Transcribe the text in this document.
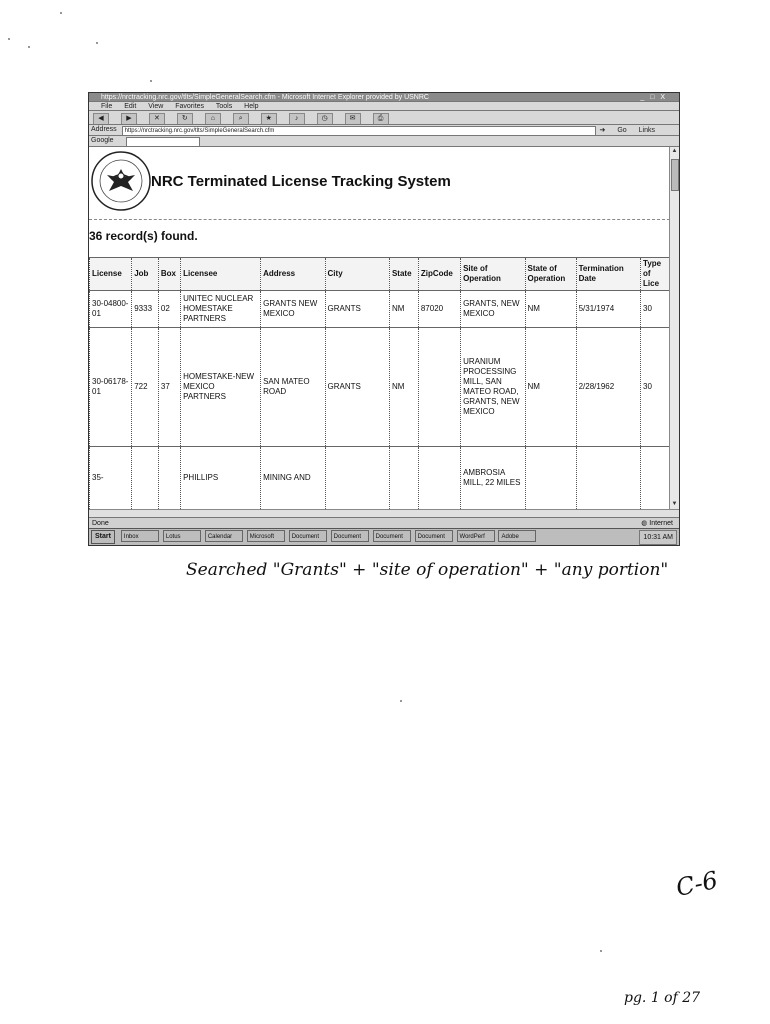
https://nrctracking.nrc.gov/tlts/SimpleGeneralSearch.cfm - Microsoft Internet Explorer provided by USNRC	_ □ X
File Edit View Favorites Tools Help
◀	▶	✕	↻	⌂	⌕	★	♪	◷	✉	⎙
Address https://nrctracking.nrc.gov/tlts/SimpleGeneralSearch.cfm	➜ Go Links
Google
NRC Terminated License Tracking System
36 record(s) found.
License	Job	Box	Licensee	Address	City	State	ZipCode	Site of Operation	State of Operation	Termination Date	Type of Lice
30-04800-01	9333	02	UNITEC NUCLEAR HOMESTAKE PARTNERS	GRANTS NEW MEXICO	GRANTS	NM	87020	GRANTS, NEW MEXICO	NM	5/31/1974	30
30-06178-01	722	37	HOMESTAKE-NEW MEXICO PARTNERS	SAN MATEO ROAD	GRANTS	NM		URANIUM PROCESSING MILL, SAN MATEO ROAD, GRANTS, NEW MEXICO	NM	2/28/1962	30
35-			PHILLIPS	MINING AND				AMBROSIA MILL, 22 MILES			
▲
▼
Done	◍ Internet
Start Inbox	Lotus	Calendar	Microsoft	Document Document Document Document WordPerf	Adobe	10:31 AM
Searched "Grants" + "site of operation" + "any portion"
C-6
pg. 1 of 27
